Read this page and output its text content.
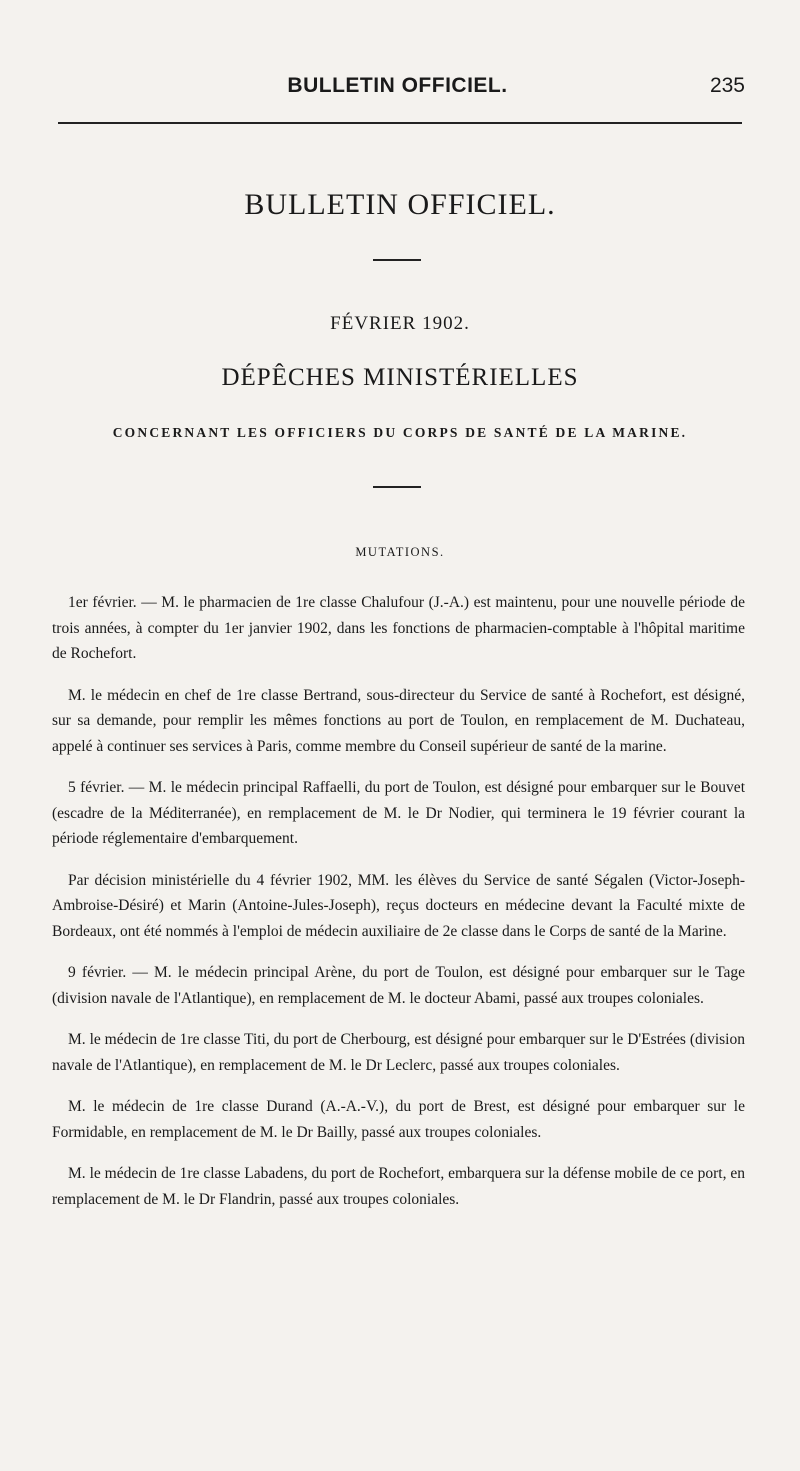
BULLETIN OFFICIEL.	235
BULLETIN OFFICIEL.
FÉVRIER 1902.
DÉPÊCHES MINISTÉRIELLES
CONCERNANT LES OFFICIERS DU CORPS DE SANTÉ DE LA MARINE.
MUTATIONS.

1er février. — M. le pharmacien de 1re classe Chalufour (J.-A.) est maintenu, pour une nouvelle période de trois années, à compter du 1er janvier 1902, dans les fonctions de pharmacien-comptable à l'hôpital maritime de Rochefort.

M. le médecin en chef de 1re classe Bertrand, sous-directeur du Service de santé à Rochefort, est désigné, sur sa demande, pour remplir les mêmes fonctions au port de Toulon, en remplacement de M. Duchateau, appelé à continuer ses services à Paris, comme membre du Conseil supérieur de santé de la marine.

5 février. — M. le médecin principal Raffaelli, du port de Toulon, est désigné pour embarquer sur le Bouvet (escadre de la Méditerranée), en remplacement de M. le Dr Nodier, qui terminera le 19 février courant la période réglementaire d'embarquement.

Par décision ministérielle du 4 février 1902, MM. les élèves du Service de santé Ségalen (Victor-Joseph-Ambroise-Désiré) et Marin (Antoine-Jules-Joseph), reçus docteurs en médecine devant la Faculté mixte de Bordeaux, ont été nommés à l'emploi de médecin auxiliaire de 2e classe dans le Corps de santé de la Marine.

9 février. — M. le médecin principal Arène, du port de Toulon, est désigné pour embarquer sur le Tage (division navale de l'Atlantique), en remplacement de M. le docteur Abami, passé aux troupes coloniales.

M. le médecin de 1re classe Titi, du port de Cherbourg, est désigné pour embarquer sur le D'Estrées (division navale de l'Atlantique), en remplacement de M. le Dr Leclerc, passé aux troupes coloniales.

M. le médecin de 1re classe Durand (A.-A.-V.), du port de Brest, est désigné pour embarquer sur le Formidable, en remplacement de M. le Dr Bailly, passé aux troupes coloniales.

M. le médecin de 1re classe Labadens, du port de Rochefort, embarquera sur la défense mobile de ce port, en remplacement de M. le Dr Flandrin, passé aux troupes coloniales.
